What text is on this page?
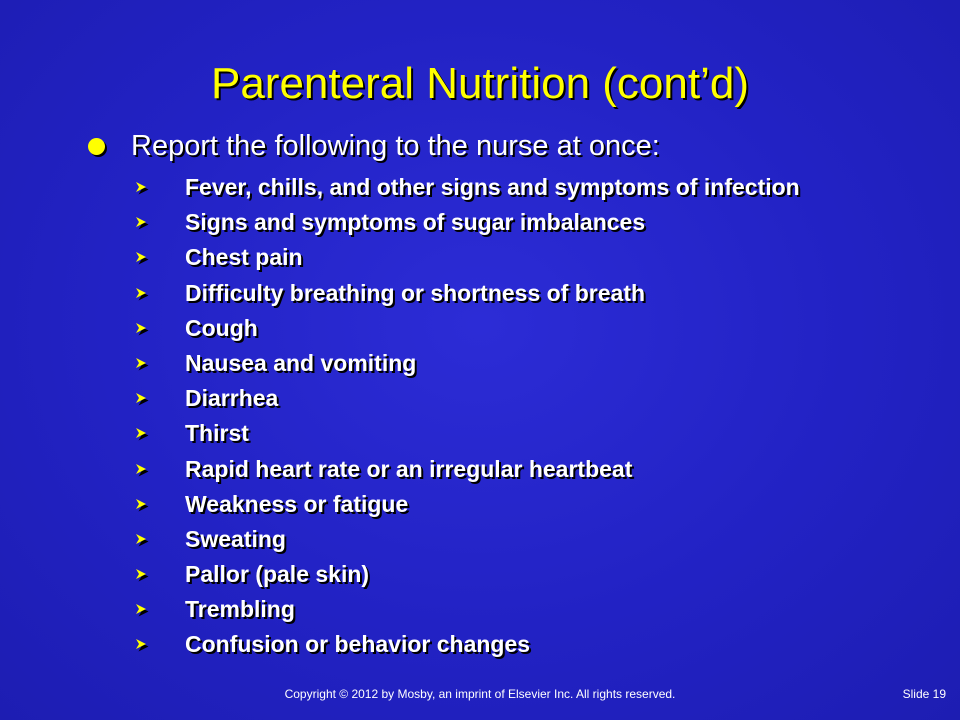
Parenteral Nutrition (cont’d)
Report the following to the nurse at once:
Fever, chills, and other signs and symptoms of infection
Signs and symptoms of sugar imbalances
Chest pain
Difficulty breathing or shortness of breath
Cough
Nausea and vomiting
Diarrhea
Thirst
Rapid heart rate or an irregular heartbeat
Weakness or fatigue
Sweating
Pallor (pale skin)
Trembling
Confusion or behavior changes
Copyright © 2012 by Mosby, an imprint of Elsevier Inc. All rights reserved.	Slide 19
